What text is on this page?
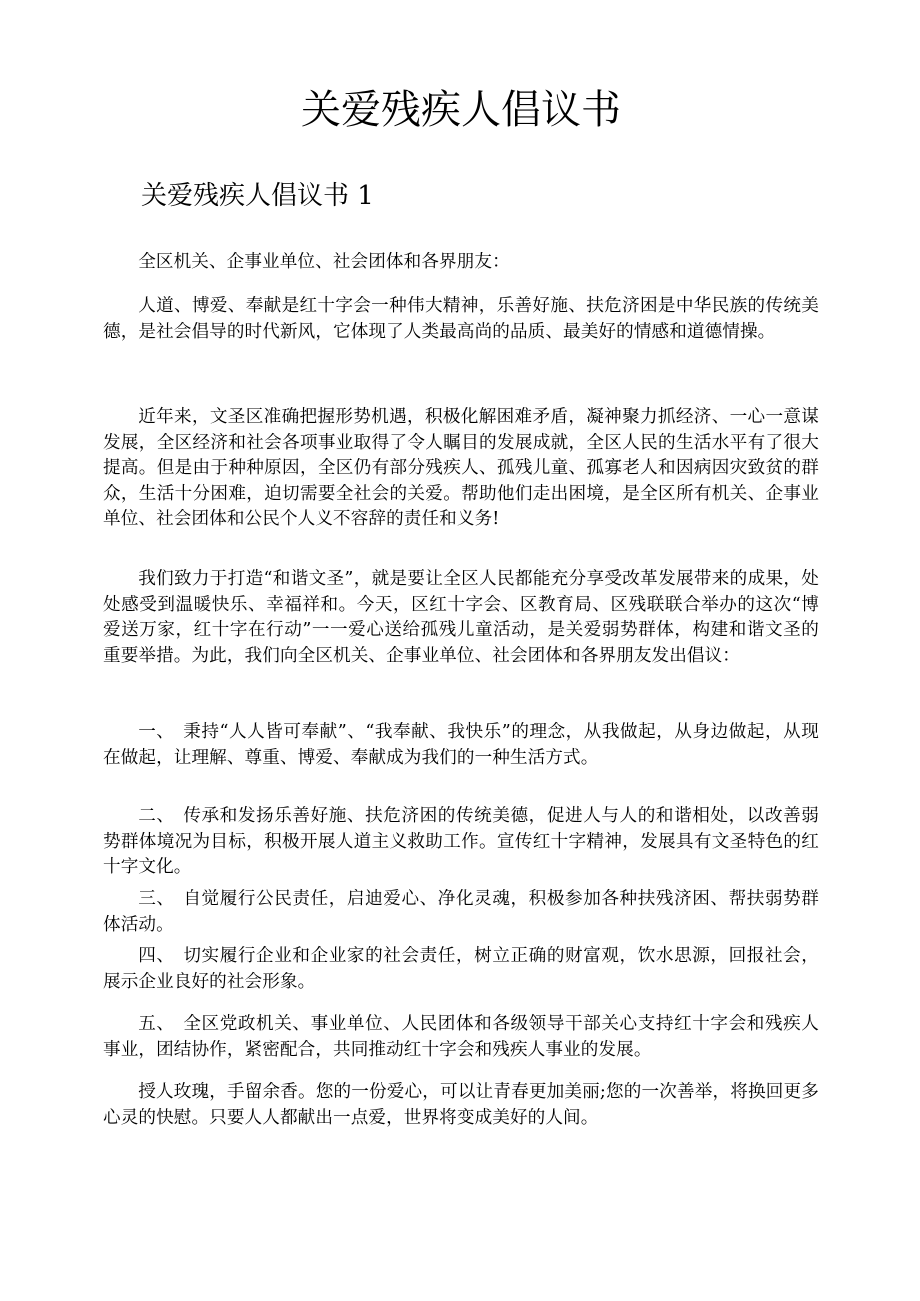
关爱残疾人倡议书
关爱残疾人倡议书 1

全区机关、企事业单位、社会团体和各界朋友：

人道、博爱、奉献是红十字会一种伟大精神，乐善好施、扶危济困是中华民族的传统美德，是社会倡导的时代新风，它体现了人类最高尚的品质、最美好的情感和道德情操。

近年来，文圣区准确把握形势机遇，积极化解困难矛盾，凝神聚力抓经济、一心一意谋发展，全区经济和社会各项事业取得了令人瞩目的发展成就，全区人民的生活水平有了很大提高。但是由于种种原因，全区仍有部分残疾人、孤残儿童、孤寡老人和因病因灾致贫的群众，生活十分困难，迫切需要全社会的关爱。帮助他们走出困境，是全区所有机关、企事业单位、社会团体和公民个人义不容辞的责任和义务!

我们致力于打造“和谐文圣”，就是要让全区人民都能充分享受改革发展带来的成果，处处感受到温暖快乐、幸福祥和。今天，区红十字会、区教育局、区残联联合举办的这次“博爱送万家，红十字在行动”一一爱心送给孤残儿童活动，是关爱弱势群体，构建和谐文圣的重要举措。为此，我们向全区机关、企事业单位、社会团体和各界朋友发出倡议：

一、 秉持“人人皆可奉献”、“我奉献、我快乐”的理念，从我做起，从身边做起，从现在做起，让理解、尊重、博爱、奉献成为我们的一种生活方式。

二、 传承和发扬乐善好施、扶危济困的传统美德，促进人与人的和谐相处，以改善弱势群体境况为目标，积极开展人道主义救助工作。宣传红十字精神，发展具有文圣特色的红十字文化。

三、 自觉履行公民责任，启迪爱心、净化灵魂，积极参加各种扶残济困、帮扶弱势群体活动。

四、 切实履行企业和企业家的社会责任，树立正确的财富观，饮水思源，回报社会，展示企业良好的社会形象。

五、 全区党政机关、事业单位、人民团体和各级领导干部关心支持红十字会和残疾人事业，团结协作，紧密配合，共同推动红十字会和残疾人事业的发展。

授人玫瑰，手留余香。您的一份爱心，可以让青春更加美丽;您的一次善举，将换回更多心灵的快慰。只要人人都献出一点爱，世界将变成美好的人间。
